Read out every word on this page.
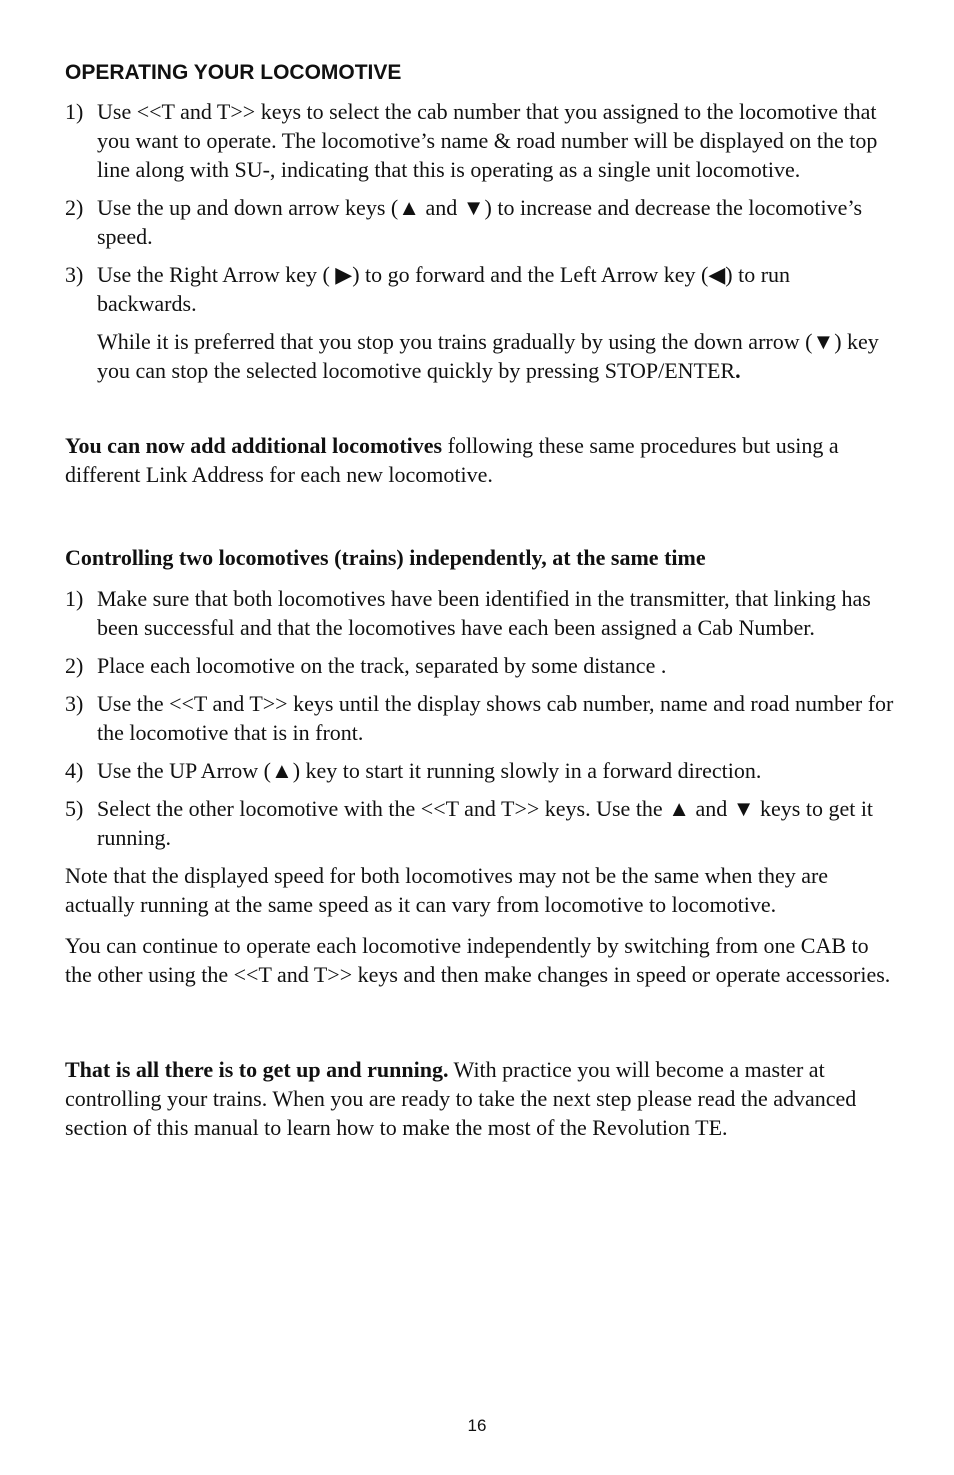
OPERATING YOUR LOCOMOTIVE
1) Use <<T and T>> keys to select the cab number that you assigned to the locomotive that you want to operate. The locomotive’s name & road number will be displayed on the top line along with SU-, indicating that this is operating as a single unit locomotive.
2) Use the up and down arrow keys (▲ and ▼) to increase and decrease the locomotive’s speed.
3) Use the Right Arrow key ( ▶) to go forward and the Left Arrow key (◀) to run backwards.

While it is preferred that you stop you trains gradually by using the down arrow (▼) key you can stop the selected locomotive quickly by pressing STOP/ENTER.

You can now add additional locomotives following these same procedures but using a different Link Address for each new locomotive.

Controlling two locomotives (trains) independently, at the same time

1) Make sure that both locomotives have been identified in the transmitter, that linking has been successful and that the locomotives have each been assigned a Cab Number.
2) Place each locomotive on the track, separated by some distance .
3) Use the <<T and T>> keys until the display shows cab number, name and road number for the locomotive that is in front.
4) Use the UP Arrow (▲) key to start it running slowly in a forward direction.
5) Select the other locomotive with the <<T and T>> keys. Use the ▲ and ▼ keys to get it running.

Note that the displayed speed for both locomotives may not be the same when they are actually running at the same speed as it can vary from locomotive to locomotive.

You can continue to operate each locomotive independently by switching from one CAB to the other using the <<T and T>> keys and then make changes in speed or operate accessories.

That is all there is to get up and running. With practice you will become a master at controlling your trains. When you are ready to take the next step please read the advanced section of this manual to learn how to make the most of the Revolution TE.

16
